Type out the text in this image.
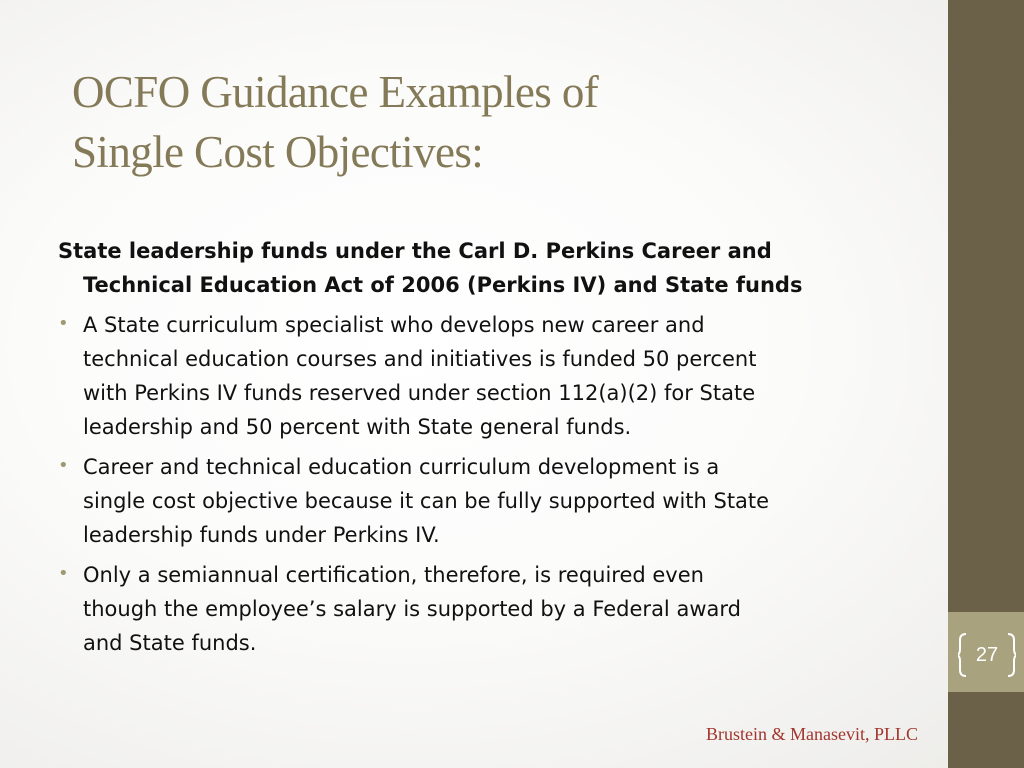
27
OCFO Guidance Examples of
Single Cost Objectives:

State leadership funds under the Carl D. Perkins Career and
Technical Education Act of 2006 (Perkins IV) and State funds

• A State curriculum specialist who develops new career and
technical education courses and initiatives is funded 50 percent
with Perkins IV funds reserved under section 112(a)(2) for State
leadership and 50 percent with State general funds.
• Career and technical education curriculum development is a
single cost objective because it can be fully supported with State
leadership funds under Perkins IV.
• Only a semiannual certification, therefore, is required even
though the employee’s salary is supported by a Federal award
and State funds.
Brustein & Manasevit, PLLC
